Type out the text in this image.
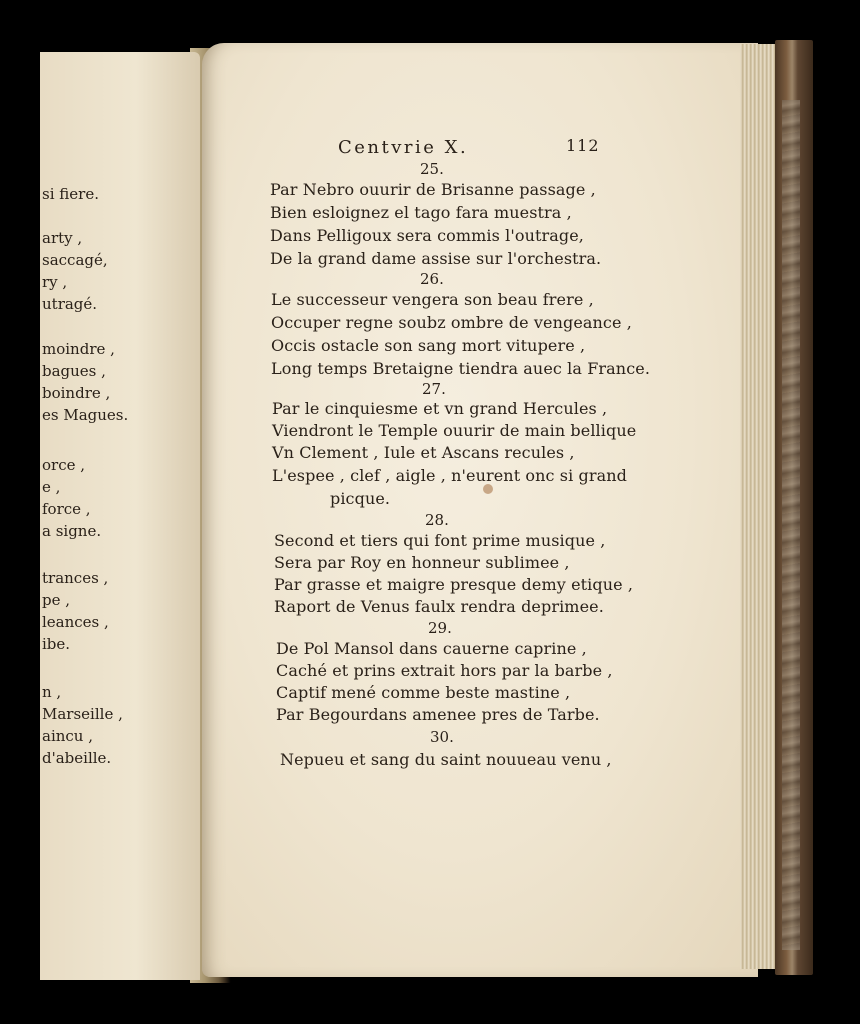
Centvrie X.	112
si fiere.
arty ,
saccagé,
ry ,
utragé.
moindre ,
bagues ,
boindre ,
es Magues.
orce ,
e ,
force ,
a signe.
trances ,
pe ,
leances ,
ibe.
n ,
Marseille ,
aincu ,
d'abeille.
25.
Par Nebro ouurir de Brisanne passage ,
Bien esloignez el tago fara muestra ,
Dans Pelligoux sera commis l'outrage,
De la grand dame assise sur l'orchestra.
26.
Le successeur vengera son beau frere ,
Occuper regne soubz ombre de vengeance ,
Occis ostacle son sang mort vitupere ,
Long temps Bretaigne tiendra auec la France.
27.
Par le cinquiesme et vn grand Hercules ,
Viendront le Temple ouurir de main bellique
Vn Clement , Iule et Ascans recules ,
L'espee , clef , aigle , n'eurent onc si grand
picque.
28.
Second et tiers qui font prime musique ,
Sera par Roy en honneur sublimee ,
Par grasse et maigre presque demy etique ,
Raport de Venus faulx rendra deprimee.
29.
De Pol Mansol dans cauerne caprine ,
Caché et prins extrait hors par la barbe ,
Captif mené comme beste mastine ,
Par Begourdans amenee pres de Tarbe.
30.
Nepueu et sang du saint nouueau venu ,
